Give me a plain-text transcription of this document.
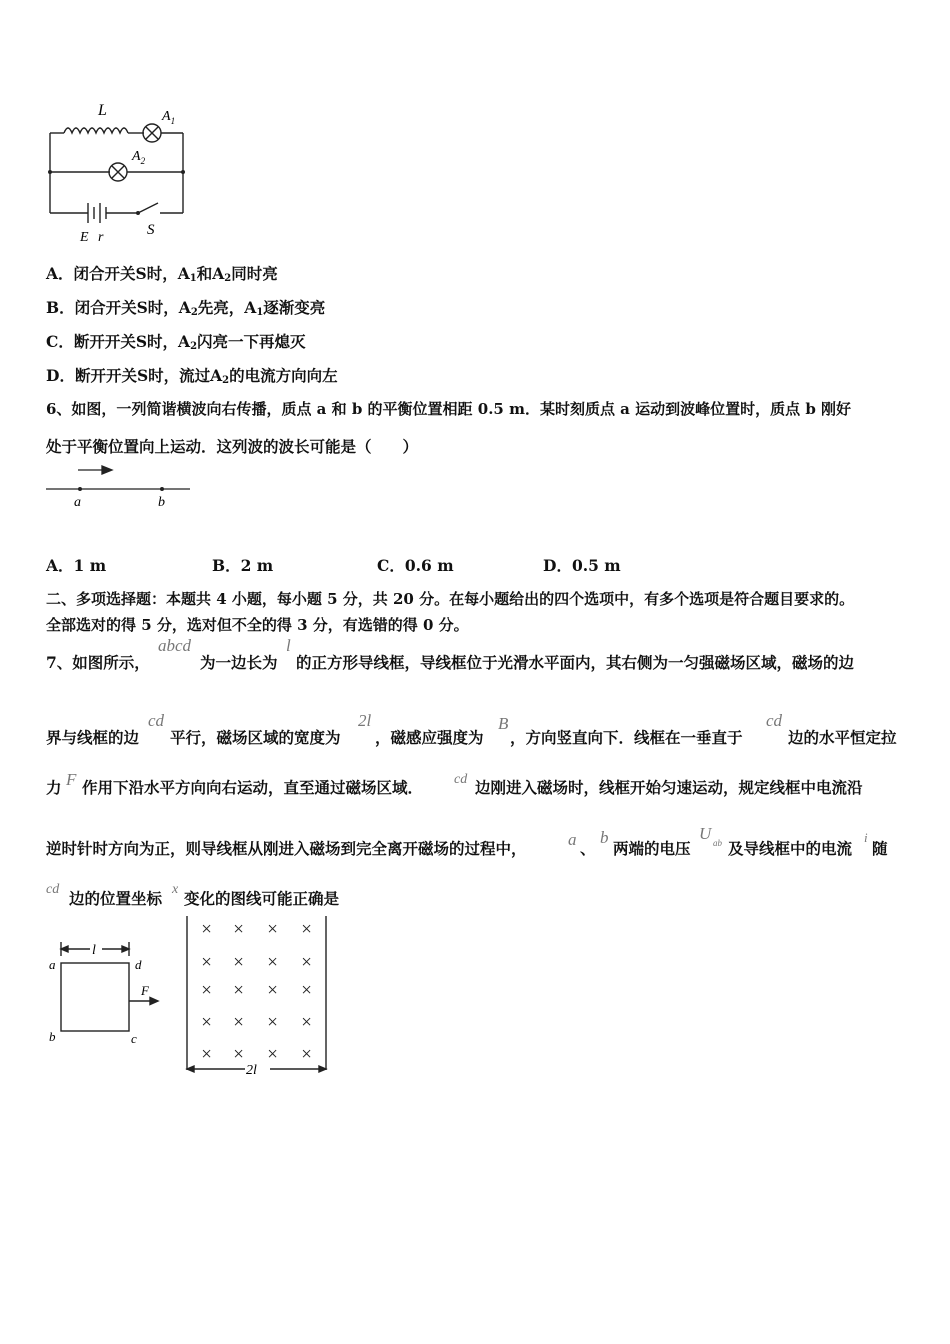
L	$A_1$
$A_2$
E r	S
A．闭合开关S时，$A_1$和$A_2$同时亮
B．闭合开关S时，$A_2$先亮，$A_1$逐渐变亮
C．断开开关S时，$A_2$闪亮一下再熄灭
D．断开开关S时，流过$A_2$的电流方向向左
6、如图，一列简谐横波向右传播，质点 a 和 b 的平衡位置相距 0.5 m．某时刻质点 a 运动到波峰位置时，质点 b 刚好
处于平衡位置向上运动．这列波的波长可能是（　　）
a	b
A．1 m	B．2 m	C．0.6 m	D．0.5 m
二、多项选择题：本题共 4 小题，每小题 5 分，共 20 分。在每小题给出的四个选项中，有多个选项是符合题目要求的。
全部选对的得 5 分，选对但不全的得 3 分，有选错的得 0 分。
7、如图所示，
abcd
为一边长为
l
的正方形导线框，导线框位于光滑水平面内，其右侧为一匀强磁场区域，磁场的边
界与线框的边
cd
平行，磁场区域的宽度为
2l
，磁感应强度为
B
，方向竖直向下．线框在一垂直于
cd
边的水平恒定拉
力 F 作用下沿水平方向向右运动，直至通过磁场区域． cd 边刚进入磁场时，线框开始匀速运动，规定线框中电流沿
逆时针时方向为正，则导线框从刚进入磁场到完全离开磁场的过程中， a 、
b
两端的电压
U ab 及导线框中的电流
i
随
cd 边的位置坐标 x 变化的图线可能正确是
l
a	d
b	c
F
2l
× × × ×
× × × ×
× × × ×
× × × ×
× × × ×
